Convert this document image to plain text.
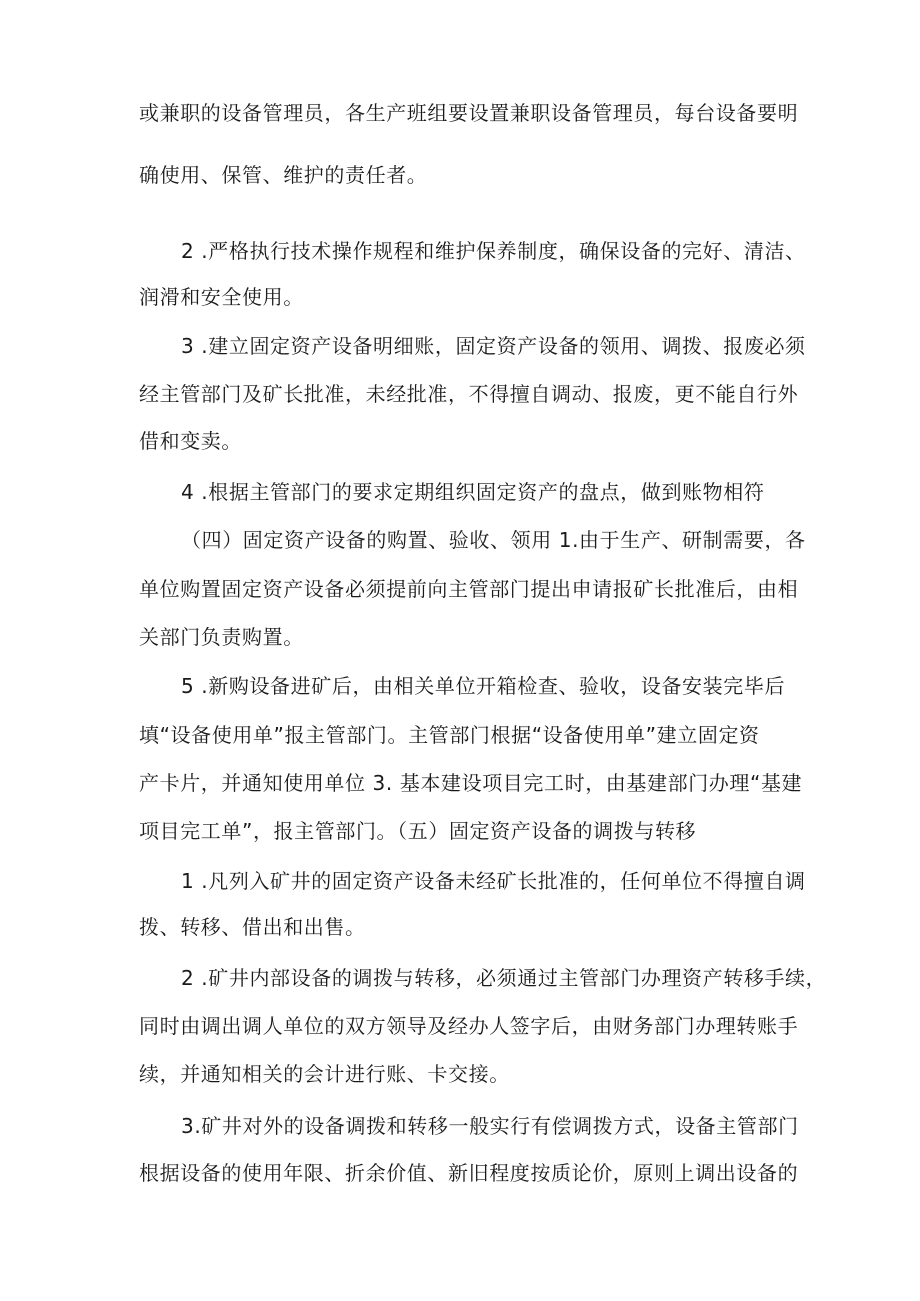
或兼职的设备管理员，各生产班组要设置兼职设备管理员，每台设备要明
确使用、保管、维护的责任者。
2 .严格执行技术操作规程和维护保养制度，确保设备的完好、清洁、
润滑和安全使用。
3 .建立固定资产设备明细账，固定资产设备的领用、调拨、报废必须
经主管部门及矿长批准，未经批准，不得擅自调动、报废，更不能自行外
借和变卖。
4 .根据主管部门的要求定期组织固定资产的盘点，做到账物相符
（四）固定资产设备的购置、验收、领用 1.由于生产、研制需要，各
单位购置固定资产设备必须提前向主管部门提出申请报矿长批准后，由相
关部门负责购置。
5 .新购设备进矿后，由相关单位开箱检查、验收，设备安装完毕后
填“设备使用单”报主管部门。主管部门根据“设备使用单”建立固定资
产卡片，并通知使用单位 3. 基本建设项目完工时，由基建部门办理“基建
项目完工单”，报主管部门。（五）固定资产设备的调拨与转移
1 .凡列入矿井的固定资产设备未经矿长批准的，任何单位不得擅自调
拨、转移、借出和出售。
2 .矿井内部设备的调拨与转移，必须通过主管部门办理资产转移手续，
同时由调出调人单位的双方领导及经办人签字后，由财务部门办理转账手
续，并通知相关的会计进行账、卡交接。
3.矿井对外的设备调拨和转移一般实行有偿调拨方式，设备主管部门
根据设备的使用年限、折余价值、新旧程度按质论价，原则上调出设备的
